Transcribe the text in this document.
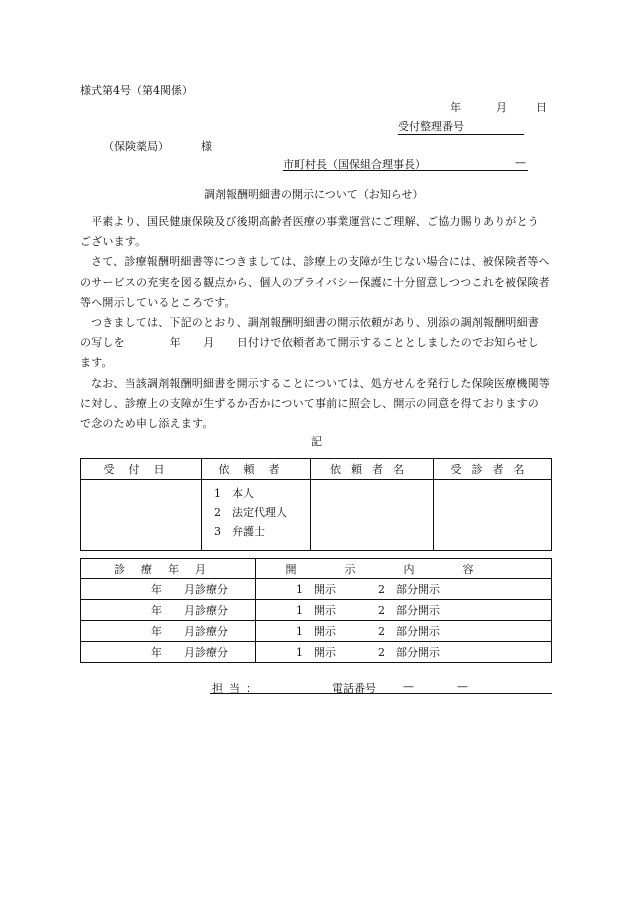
様式第4号（第4関係）
年	月	日
受付整理番号
（保険薬局）	様
市町村長（国保組合理事長）	—
調剤報酬明細書の開示について（お知らせ）

平素より、国民健康保険及び後期高齢者医療の事業運営にご理解、ご協力賜りありがとうございます。

さて、診療報酬明細書等につきましては、診療上の支障が生じない場合には、被保険者等へのサービスの充実を図る観点から、個人のプライバシー保護に十分留意しつつこれを被保険者等へ開示しているところです。

つきましては、下記のとおり、調剤報酬明細書の開示依頼があり、別添の調剤報酬明細書の写しを　　　　年　　月　　日付けで依頼者あて開示することとしましたのでお知らせします。

なお、当該調剤報酬明細書を開示することについては、処方せんを発行した保険医療機関等に対し、診療上の支障が生ずるか否かについて事前に照会し、開示の同意を得ておりますので念のため申し添えます。

記
受付日	依頼者	依頼者名	受診者名

	1　本人
2　法定代理人
3　弁護士		

診療年月	開示内容
年　　月診療分	1　開示 2　部分開示
年　　月診療分	1　開示 2　部分開示
年　　月診療分	1　開示 2　部分開示
年　　月診療分	1　開示 2　部分開示
担当：	電話番号 —	—
